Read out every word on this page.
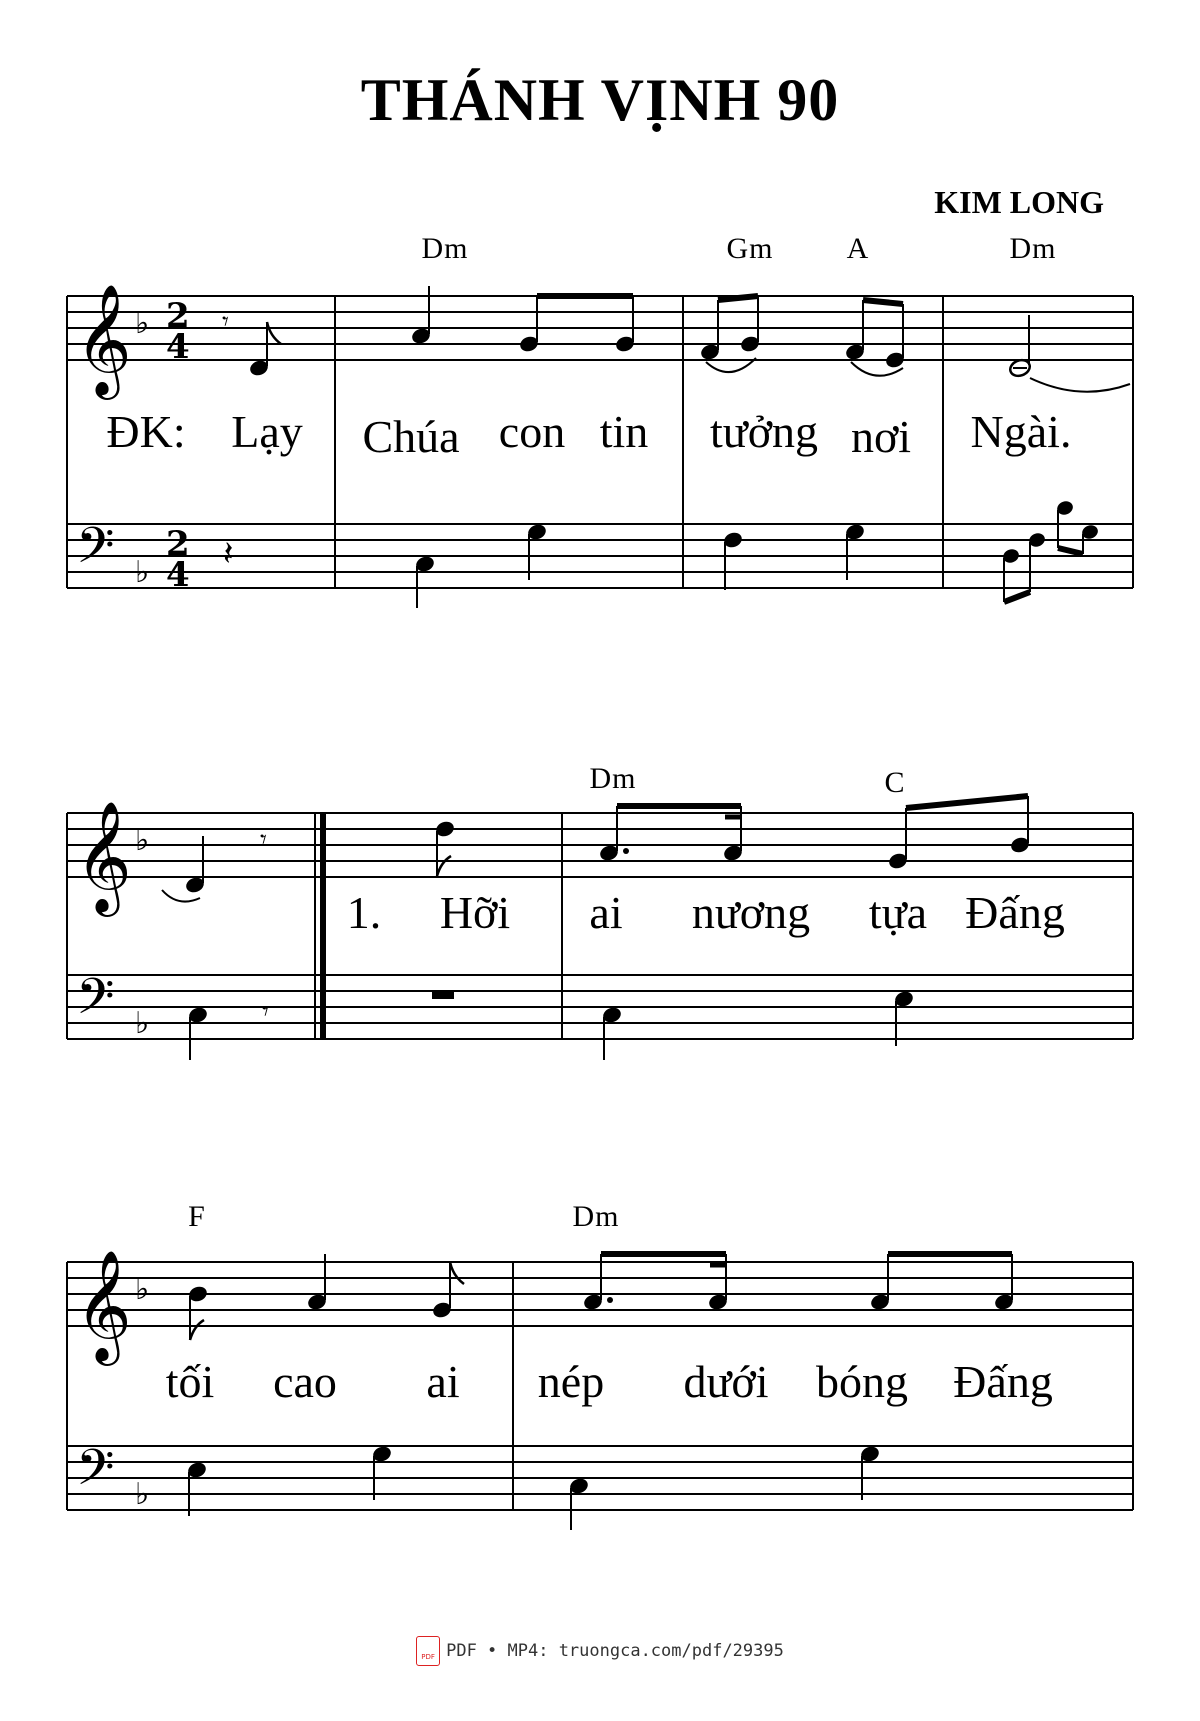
THÁNH VỊNH 90
KIM LONG
Dm	Gm A	Dm
ĐK: Lạy Chúa con tin tưởng nơi Ngài.
Dm	C
1. Hỡi ai nương tựa Đấng
F	Dm
tối cao ai nép dưới bóng Đấng
𝄞
𝄢
♭
♭
2
4
2
4
𝄾
𝄽
𝄞
𝄢
♭
♭
𝄾
𝄾
𝄞
𝄢
♭
♭
PDF PDF • MP4: truongca.com/pdf/29395
